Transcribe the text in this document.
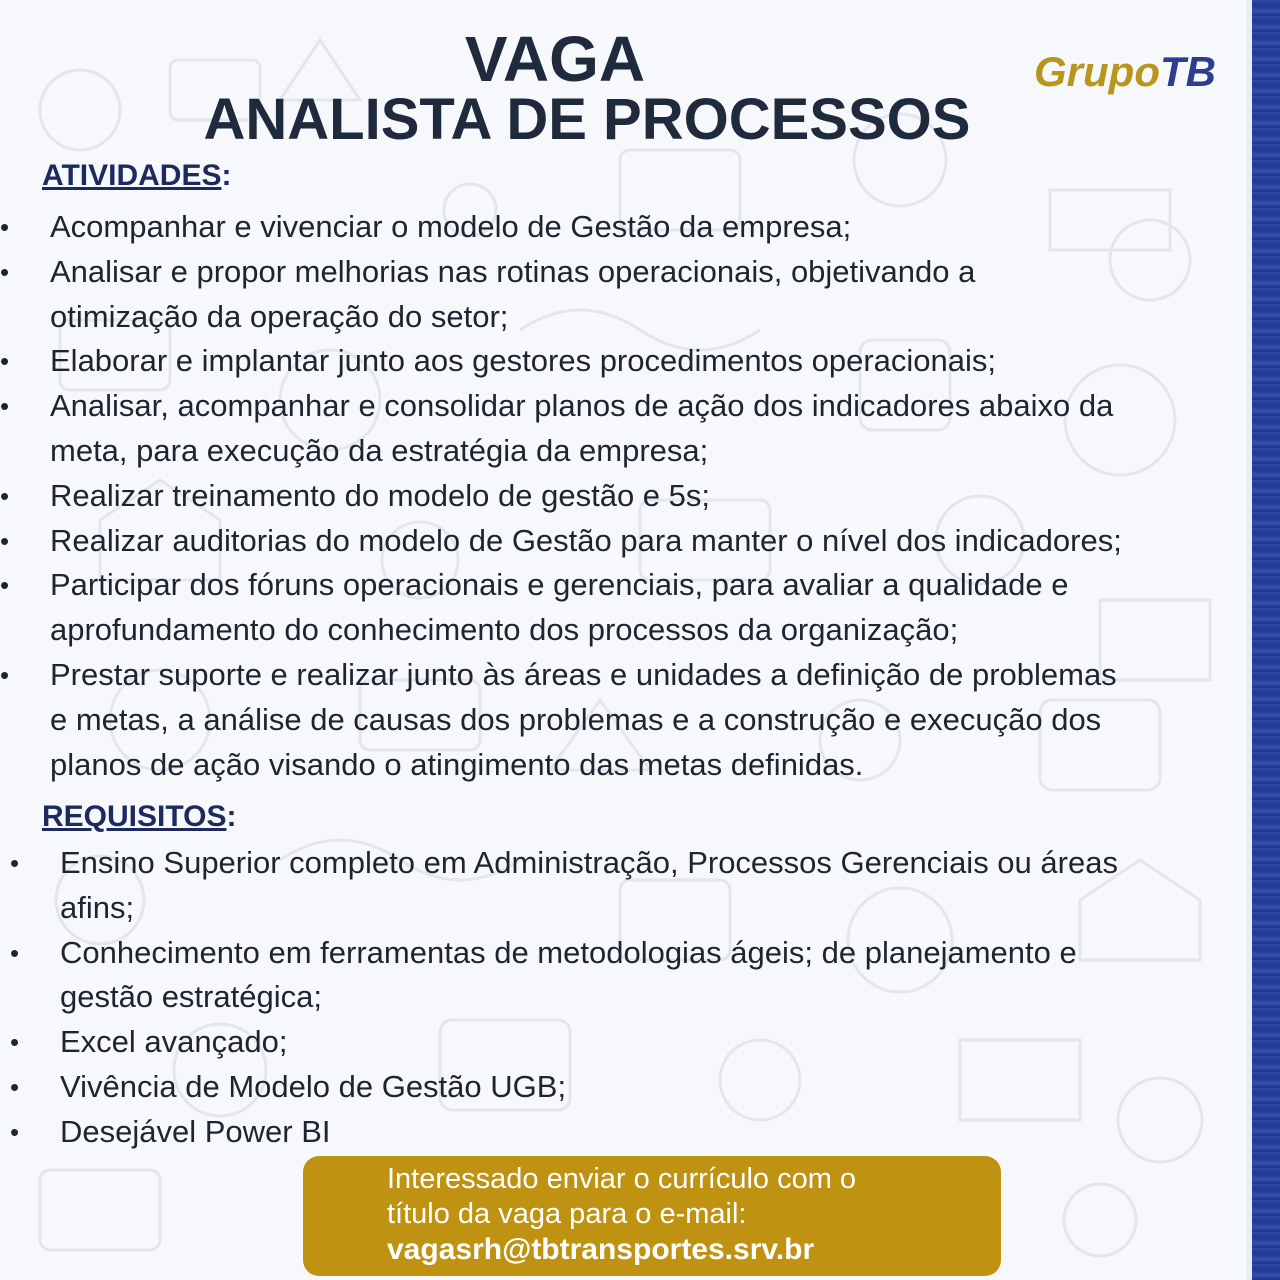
VAGA
ANALISTA DE PROCESSOS
GrupoTB
ATIVIDADES:
• Acompanhar e vivenciar o modelo de Gestão da empresa;
• Analisar e propor melhorias nas rotinas operacionais, objetivando a
otimização da operação do setor;
• Elaborar e implantar junto aos gestores procedimentos operacionais;
• Analisar, acompanhar e consolidar planos de ação dos indicadores abaixo da
meta, para execução da estratégia da empresa;
• Realizar treinamento do modelo de gestão e 5s;
• Realizar auditorias do modelo de Gestão para manter o nível dos indicadores;
• Participar dos fóruns operacionais e gerenciais, para avaliar a qualidade e
aprofundamento do conhecimento dos processos da organização;
• Prestar suporte e realizar junto às áreas e unidades a definição de problemas
e metas, a análise de causas dos problemas e a construção e execução dos
planos de ação visando o atingimento das metas definidas.
REQUISITOS:
• Ensino Superior completo em Administração, Processos Gerenciais ou áreas
afins;
• Conhecimento em ferramentas de metodologias ágeis; de planejamento e
gestão estratégica;
• Excel avançado;
• Vivência de Modelo de Gestão UGB;
• Desejável Power BI
Interessado enviar o currículo com o
título da vaga para o e-mail:
vagasrh@tbtransportes.srv.br
